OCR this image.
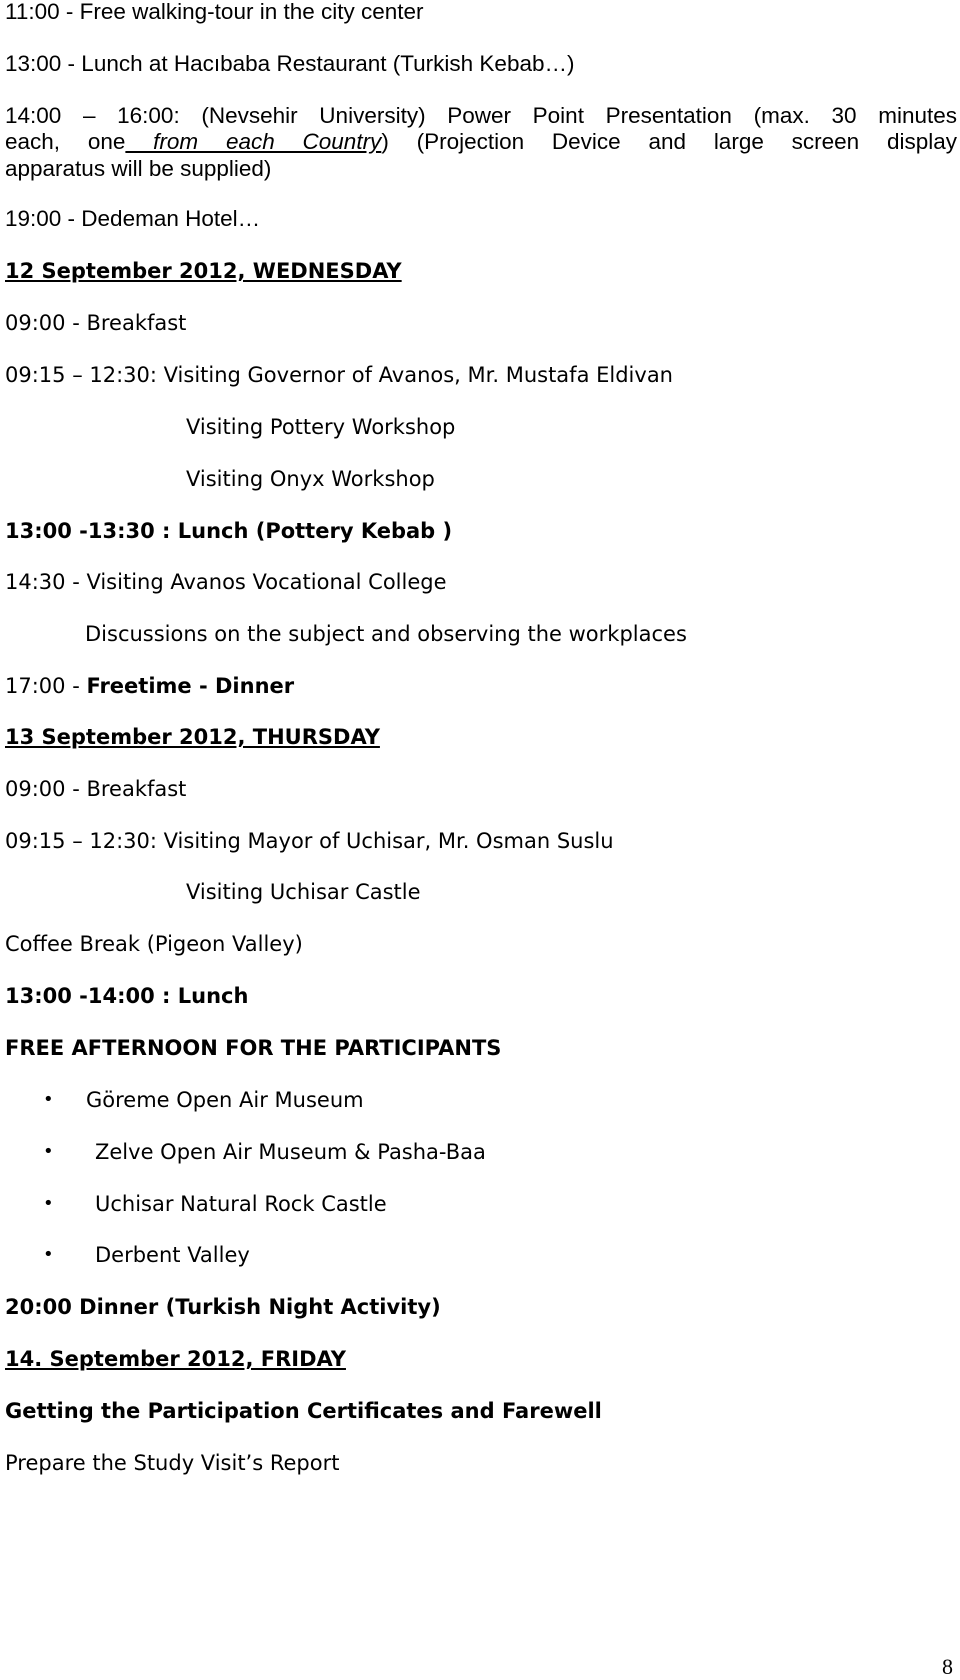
11:00 - Free walking-tour in the city center
13:00 - Lunch at Hacıbaba Restaurant (Turkish Kebab…)
14:00 – 16:00: (Nevsehir University) Power Point Presentation (max. 30 minutes
each, one from each Country) (Projection Device and large screen display
apparatus will be supplied)
19:00 - Dedeman Hotel…
12 September 2012, WEDNESDAY
09:00 - Breakfast
09:15 – 12:30: Visiting Governor of Avanos, Mr. Mustafa Eldivan
Visiting Pottery Workshop
Visiting Onyx Workshop
13:00 -13:30 : Lunch (Pottery Kebab )
14:30 - Visiting Avanos Vocational College
Discussions on the subject and observing the workplaces
17:00 - Freetime - Dinner
13 September 2012, THURSDAY
09:00 - Breakfast
09:15 – 12:30: Visiting Mayor of Uchisar, Mr. Osman Suslu
Visiting Uchisar Castle
Coffee Break (Pigeon Valley)
13:00 -14:00 : Lunch
FREE AFTERNOON FOR THE PARTICIPANTS
• Göreme Open Air Museum
• Zelve Open Air Museum & Pasha-Baa
• Uchisar Natural Rock Castle
• Derbent Valley
20:00 Dinner (Turkish Night Activity)
14. September 2012, FRIDAY
Getting the Participation Certificates and Farewell
Prepare the Study Visit’s Report
8
